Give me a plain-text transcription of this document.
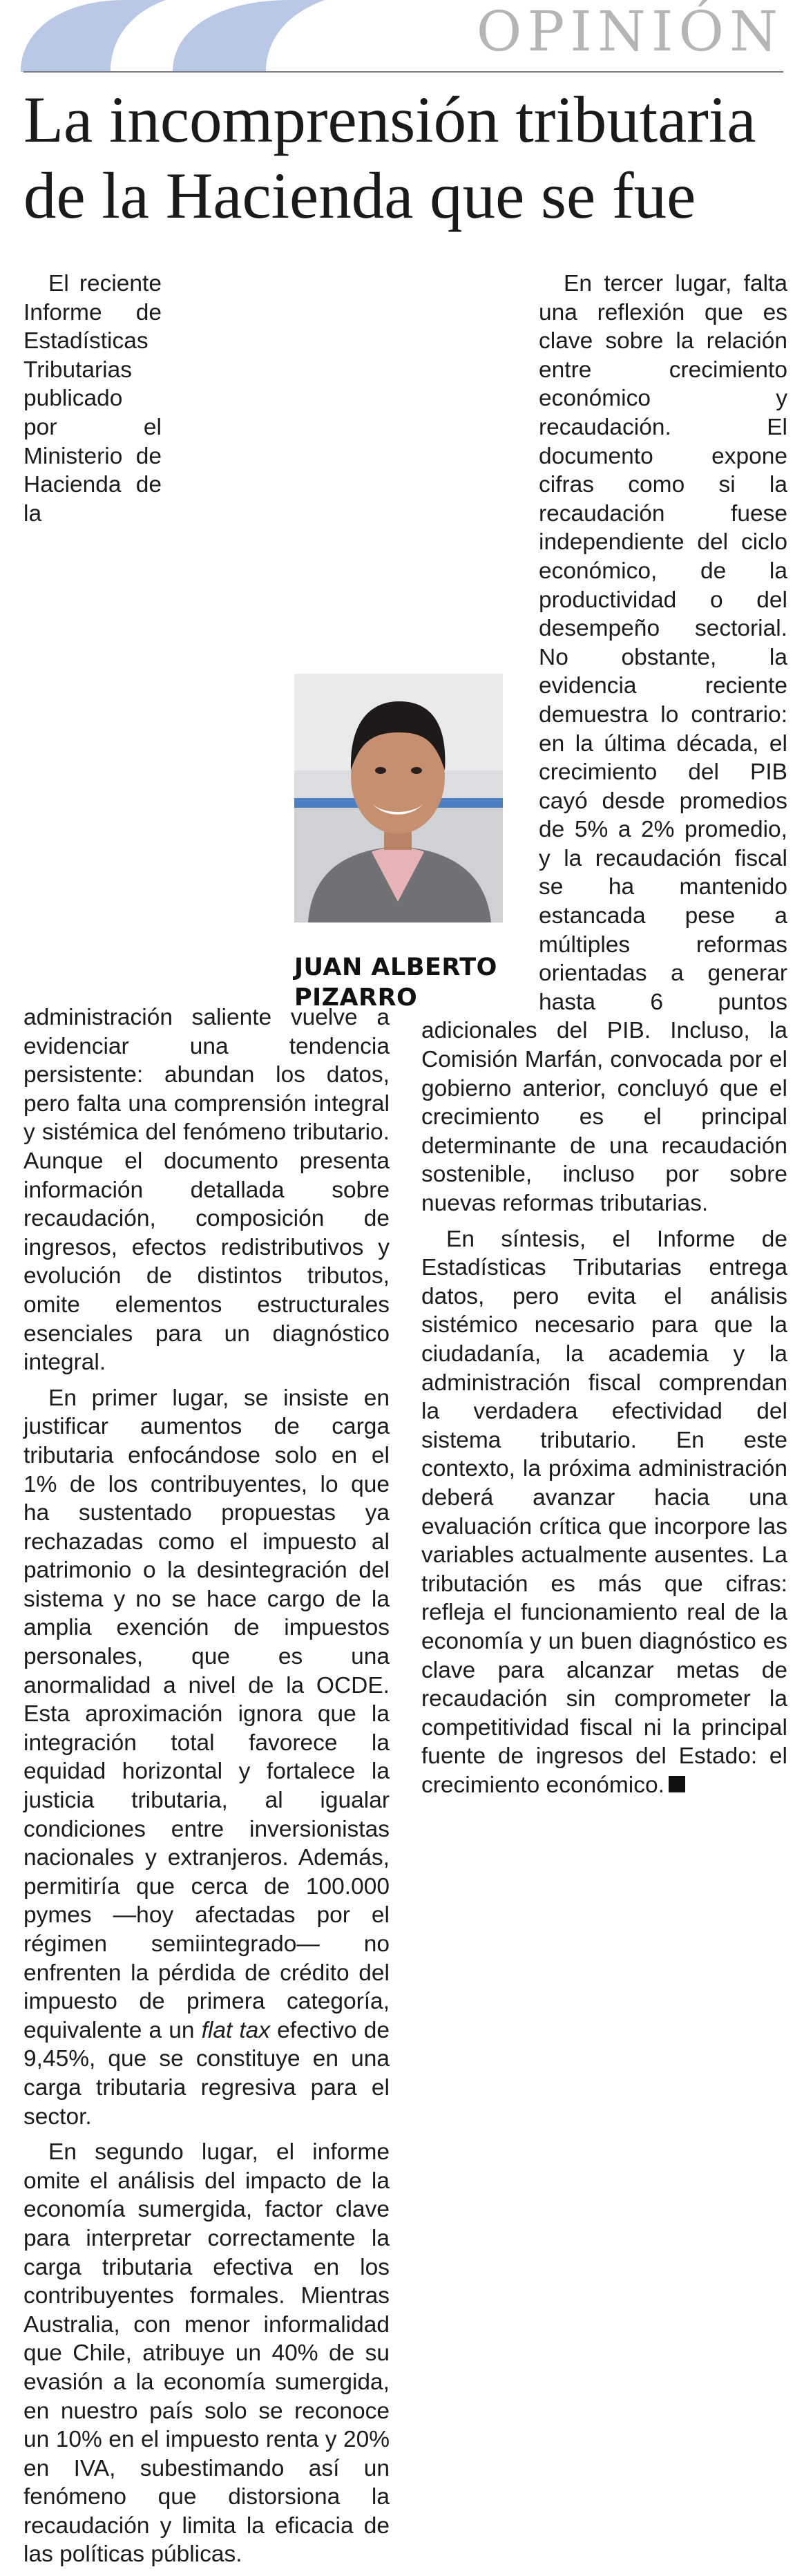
OPINIÓN
La incomprensión tributaria de la Hacienda que se fue

El reciente Informe de Estadísticas Tributarias publicado por el Ministerio de Hacienda de la administración saliente vuelve a evidenciar una tendencia persistente: abundan los datos, pero falta una comprensión integral y sistémica del fenómeno tributario. Aunque el documento presenta información detallada sobre recaudación, composición de ingresos, efectos redistributivos y evolución de distintos tributos, omite elementos estructurales esenciales para un diagnóstico integral.

En primer lugar, se insiste en justificar aumentos de carga tributaria enfocándose solo en el 1% de los contribuyentes, lo que ha sustentado propuestas ya rechazadas como el impuesto al patrimonio o la desintegración del sistema y no se hace cargo de la amplia exención de impuestos personales, que es una anormalidad a nivel de la OCDE. Esta aproximación ignora que la integración total favorece la equidad horizontal y fortalece la justicia tributaria, al igualar condiciones entre inversionistas nacionales y extranjeros. Además, permitiría que cerca de 100.000 pymes —hoy afectadas por el régimen semiintegrado— no enfrenten la pérdida de crédito del impuesto de primera categoría, equivalente a un flat tax efectivo de 9,45%, que se constituye en una carga tributaria regresiva para el sector.

En segundo lugar, el informe omite el análisis del impacto de la economía sumergida, factor clave para interpretar correctamente la carga tributaria efectiva en los contribuyentes formales. Mientras Australia, con menor informalidad que Chile, atribuye un 40% de su evasión a la economía sumergida, en nuestro país solo se reconoce un 10% en el impuesto renta y 20% en IVA, subestimando así un fenómeno que distorsiona la recaudación y limita la eficacia de las políticas públicas.

En tercer lugar, falta una reflexión que es clave sobre la relación entre crecimiento económico y recaudación. El documento expone cifras como si la recaudación fuese independiente del ciclo económico, de la productividad o del desempeño sectorial. No obstante, la evidencia reciente demuestra lo contrario: en la última década, el crecimiento del PIB cayó desde promedios de 5% a 2% promedio, y la recaudación fiscal se ha mantenido estancada pese a múltiples reformas orientadas a generar hasta 6 puntos adicionales del PIB. Incluso, la Comisión Marfán, convocada por el gobierno anterior, concluyó que el crecimiento es el principal determinante de una recaudación sostenible, incluso por sobre nuevas reformas tributarias.

En síntesis, el Informe de Estadísticas Tributarias entrega datos, pero evita el análisis sistémico necesario para que la ciudadanía, la academia y la administración fiscal comprendan la verdadera efectividad del sistema tributario. En este contexto, la próxima administración deberá avanzar hacia una evaluación crítica que incorpore las variables actualmente ausentes. La tributación es más que cifras: refleja el funcionamiento real de la economía y un buen diagnóstico es clave para alcanzar metas de recaudación sin comprometer la competitividad fiscal ni la principal fuente de ingresos del Estado: el crecimiento económico.

JUAN ALBERTO
PIZARRO
